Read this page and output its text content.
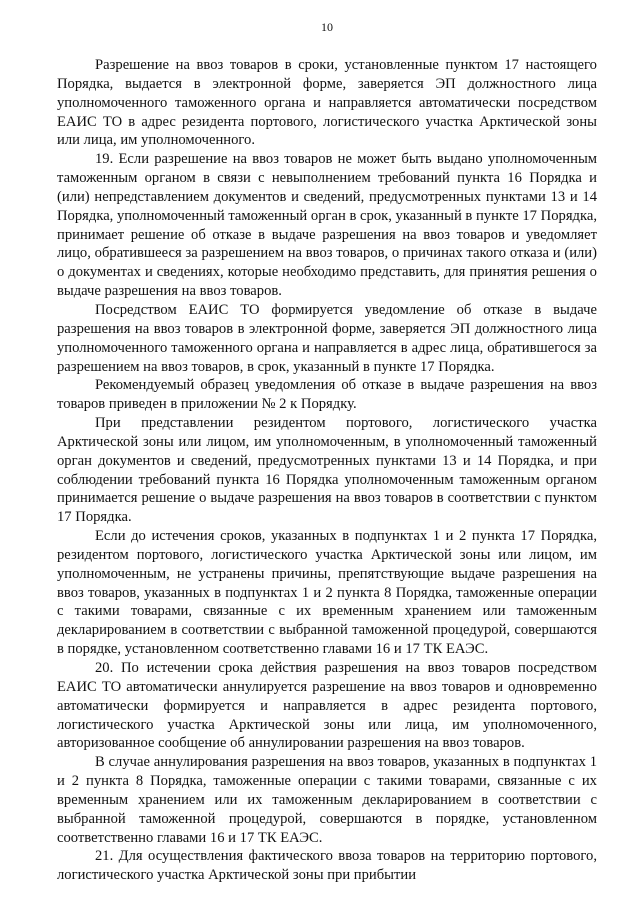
10

Разрешение на ввоз товаров в сроки, установленные пунктом 17 настоящего Порядка, выдается в электронной форме, заверяется ЭП должностного лица уполномоченного таможенного органа и направляется автоматически посредством ЕАИС ТО в адрес резидента портового, логистического участка Арктической зоны или лица, им уполномоченного.

19. Если разрешение на ввоз товаров не может быть выдано уполномоченным таможенным органом в связи с невыполнением требований пункта 16 Порядка и (или) непредставлением документов и сведений, предусмотренных пунктами 13 и 14 Порядка, уполномоченный таможенный орган в срок, указанный в пункте 17 Порядка, принимает решение об отказе в выдаче разрешения на ввоз товаров и уведомляет лицо, обратившееся за разрешением на ввоз товаров, о причинах такого отказа и (или) о документах и сведениях, которые необходимо представить, для принятия решения о выдаче разрешения на ввоз товаров.

Посредством ЕАИС ТО формируется уведомление об отказе в выдаче разрешения на ввоз товаров в электронной форме, заверяется ЭП должностного лица уполномоченного таможенного органа и направляется в адрес лица, обратившегося за разрешением на ввоз товаров, в срок, указанный в пункте 17 Порядка.

Рекомендуемый образец уведомления об отказе в выдаче разрешения на ввоз товаров приведен в приложении № 2 к Порядку.

При представлении резидентом портового, логистического участка Арктической зоны или лицом, им уполномоченным, в уполномоченный таможенный орган документов и сведений, предусмотренных пунктами 13 и 14 Порядка, и при соблюдении требований пункта 16 Порядка уполномоченным таможенным органом принимается решение о выдаче разрешения на ввоз товаров в соответствии с пунктом 17 Порядка.

Если до истечения сроков, указанных в подпунктах 1 и 2 пункта 17 Порядка, резидентом портового, логистического участка Арктической зоны или лицом, им уполномоченным, не устранены причины, препятствующие выдаче разрешения на ввоз товаров, указанных в подпунктах 1 и 2 пункта 8 Порядка, таможенные операции с такими товарами, связанные с их временным хранением или таможенным декларированием в соответствии с выбранной таможенной процедурой, совершаются в порядке, установленном соответственно главами 16 и 17 ТК ЕАЭС.

20. По истечении срока действия разрешения на ввоз товаров посредством ЕАИС ТО автоматически аннулируется разрешение на ввоз товаров и одновременно автоматически формируется и направляется в адрес резидента портового, логистического участка Арктической зоны или лица, им уполномоченного, авторизованное сообщение об аннулировании разрешения на ввоз товаров.

В случае аннулирования разрешения на ввоз товаров, указанных в подпунктах 1 и 2 пункта 8 Порядка, таможенные операции с такими товарами, связанные с их временным хранением или их таможенным декларированием в соответствии с выбранной таможенной процедурой, совершаются в порядке, установленном соответственно главами 16 и 17 ТК ЕАЭС.

21. Для осуществления фактического ввоза товаров на территорию портового, логистического участка Арктической зоны при прибытии
